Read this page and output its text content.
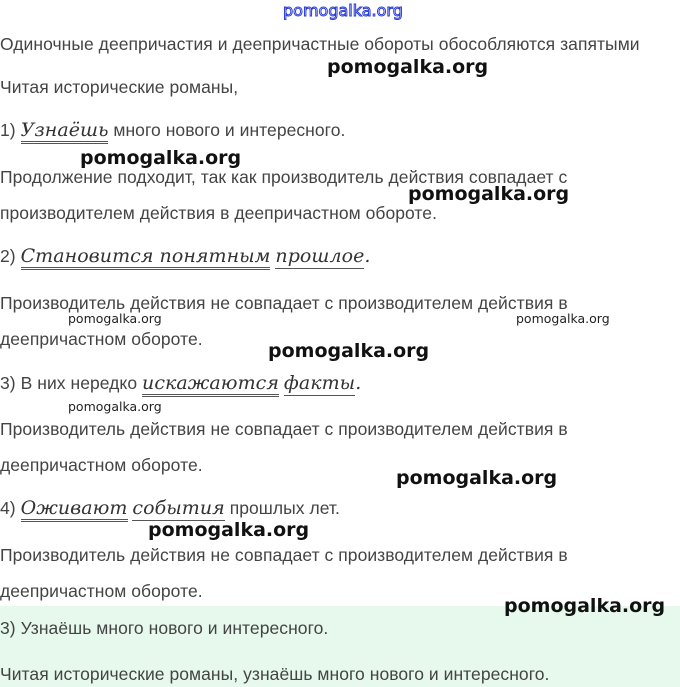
Одиночные деепричастия и деепричастные обороты обособляются запятыми
Читая исторические романы,
1) Узнаёшь много нового и интересного.
Продолжение подходит, так как производитель действия совпадает с
производителем действия в деепричастном обороте.
2) Становится понятным прошлое.
Производитель действия не совпадает с производителем действия в
деепричастном обороте.
3) В них нередко искажаются факты.
Производитель действия не совпадает с производителем действия в
деепричастном обороте.
4) Оживают события прошлых лет.
Производитель действия не совпадает с производителем действия в
деепричастном обороте.
3) Узнаёшь много нового и интересного.
Читая исторические романы, узнаёшь много нового и интересного.
pomogalka.org
pomogalka.org
pomogalka.org
pomogalka.org
pomogalka.org	pomogalka.org
pomogalka.org
pomogalka.org
pomogalka.org
pomogalka.org
pomogalka.org
